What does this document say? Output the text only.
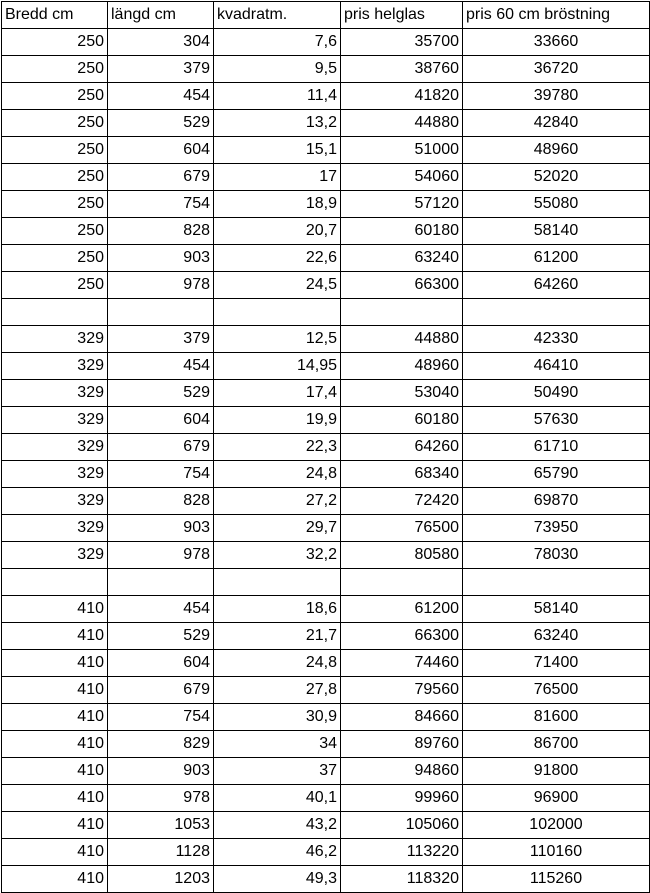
Bredd cm	längd cm	kvadratm.	pris helglas	pris 60 cm bröstning
250	304	7,6	35700	33660
250	379	9,5	38760	36720
250	454	11,4	41820	39780
250	529	13,2	44880	42840
250	604	15,1	51000	48960
250	679	17	54060	52020
250	754	18,9	57120	55080
250	828	20,7	60180	58140
250	903	22,6	63240	61200
250	978	24,5	66300	64260

329	379	12,5	44880	42330
329	454	14,95	48960	46410
329	529	17,4	53040	50490
329	604	19,9	60180	57630
329	679	22,3	64260	61710
329	754	24,8	68340	65790
329	828	27,2	72420	69870
329	903	29,7	76500	73950
329	978	32,2	80580	78030

410	454	18,6	61200	58140
410	529	21,7	66300	63240
410	604	24,8	74460	71400
410	679	27,8	79560	76500
410	754	30,9	84660	81600
410	829	34	89760	86700
410	903	37	94860	91800
410	978	40,1	99960	96900
410	1053	43,2	105060	102000
410	1128	46,2	113220	110160
410	1203	49,3	118320	115260
